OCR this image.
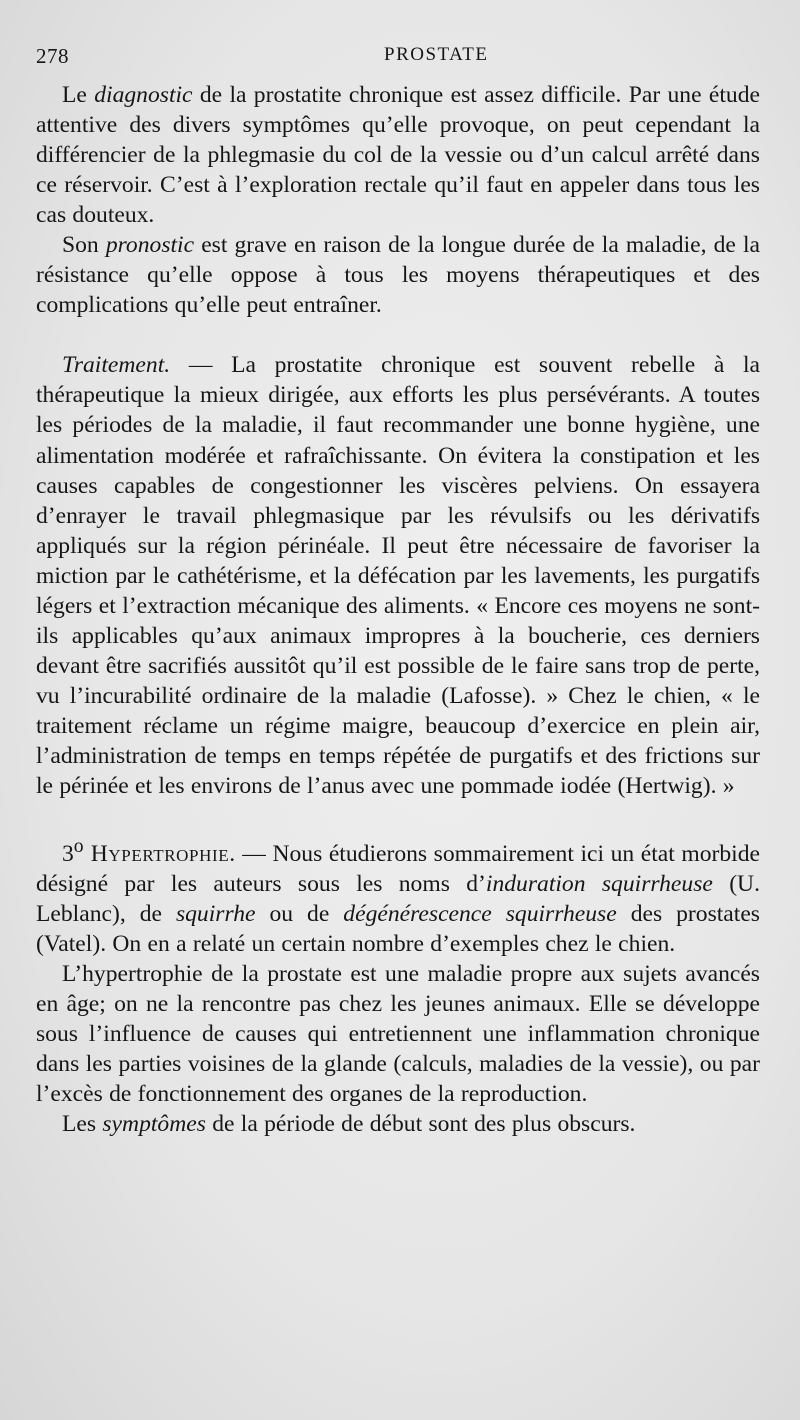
278	PROSTATE

Le diagnostic de la prostatite chronique est assez difficile. Par une étude attentive des divers symptômes qu’elle provoque, on peut cependant la différencier de la phlegmasie du col de la vessie ou d’un calcul arrêté dans ce réservoir. C’est à l’exploration rectale qu’il faut en appeler dans tous les cas douteux.

Son pronostic est grave en raison de la longue durée de la maladie, de la résistance qu’elle oppose à tous les moyens thérapeutiques et des complications qu’elle peut entraîner.

Traitement. — La prostatite chronique est souvent rebelle à la thérapeutique la mieux dirigée, aux efforts les plus persévérants. A toutes les périodes de la maladie, il faut recommander une bonne hygiène, une alimentation modérée et rafraîchissante. On évitera la constipation et les causes capables de congestionner les viscères pelviens. On essayera d’enrayer le travail phlegmasique par les révulsifs ou les dérivatifs appliqués sur la région périnéale. Il peut être nécessaire de favoriser la miction par le cathétérisme, et la défécation par les lavements, les purgatifs légers et l’extraction mécanique des aliments. « Encore ces moyens ne sont-ils applicables qu’aux animaux impropres à la boucherie, ces derniers devant être sacrifiés aussitôt qu’il est possible de le faire sans trop de perte, vu l’incurabilité ordinaire de la maladie (Lafosse). » Chez le chien, « le traitement réclame un régime maigre, beaucoup d’exercice en plein air, l’administration de temps en temps répétée de purgatifs et des frictions sur le périnée et les environs de l’anus avec une pommade iodée (Hertwig). »

3$^o$ Hypertrophie. — Nous étudierons sommairement ici un état morbide désigné par les auteurs sous les noms d’induration squirrheuse (U. Leblanc), de squirrhe ou de dégénérescence squirrheuse des prostates (Vatel). On en a relaté un certain nombre d’exemples chez le chien.

L’hypertrophie de la prostate est une maladie propre aux sujets avancés en âge; on ne la rencontre pas chez les jeunes animaux. Elle se développe sous l’influence de causes qui entretiennent une inflammation chronique dans les parties voisines de la glande (calculs, maladies de la vessie), ou par l’excès de fonctionnement des organes de la reproduction.

Les symptômes de la période de début sont des plus obscurs.
